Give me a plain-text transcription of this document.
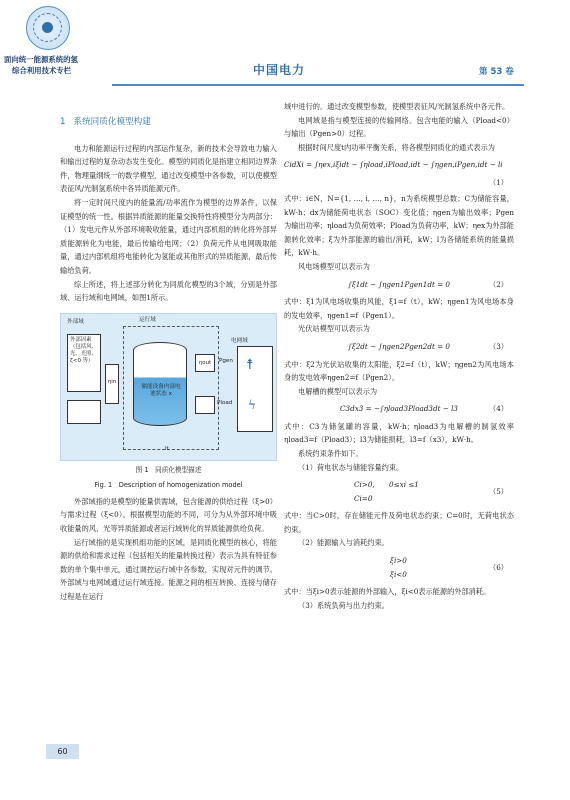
面向统一能源系统的氢
综合利用技术专栏	中国电力	第 53 卷
1 系统同质化模型构建

电力和能源运行过程的内部运作复杂，新的技术会导致电力输入和输出过程的复杂动态发生变化。模型的同质化是指建立相同边界条件，物理量纲统一的数学模型，通过改变模型中各参数，可以使模型表征风/光制氢系统中各异质能源元件。

将一定时间尺度内的能量流/功率流作为模型的边界条件，以保证模型的统一性。根据异质能源的能量交换特性将模型分为两部分：（1）发电元件从外部环境吸收能量，通过内部机组的转化将外部异质能源转化为电能，最后传输给电网；（2）负荷元件从电网吸取能量，通过内部机组将电能转化为氢能或其他形式的异质能源，最后传输给负荷。

综上所述，将上述部分转化为同质化模型的3个域，分别是外部域、运行域和电网域，如图1所示。

外部域	运行域
电网域
外部因素（包括风、光、光照、ζ<0 等）
ηin
储能设备内部电池状态 x
ηout	Pgen
Pload
☨
ϟ
lt
图 1　同质化模型描述
Fig. 1　Description of homogenization model

外部域指的是模型的能量供需域，包含能源的供给过程（ξ>0）与需求过程（ξ<0）。根据模型功能的不同，可分为从外部环境中吸收能量的风、光等异质能源或者运行域转化的异质能源供给负荷。

运行域指的是实现机组功能的区域，是同质化模型的核心，将能源的供给和需求过程（包括相关的能量转换过程）表示为具有特征参数的单个集中单元，通过调控运行域中各参数，实现对元件的调节。外部域与电网域通过运行域连接。能源之间的相互转换、连接与储存过程是在运行

域中进行的。通过改变模型参数，使模型表征风/光制氢系统中各元件。

电网域是指与模型连接的传输网络。包含电能的输入（Pload<0）与输出（Pgen>0）过程。

根据时间尺度t内功率平衡关系，将各模型同质化的通式表示为

CidXi = ∫ηex,iξidt − ∫ηload,iPload,idt − ∫ηgen,iPgen,idt − li
（1）

式中：i∈N，N={1, …, i, …, n}，n为系统模型总数；C为储能容量，kW·h；dx为储能荷电状态（SOC）变化值；ηgen为输出效率；Pgen为输出功率；ηload为负荷效率；Pload为负荷功率，kW；ηex为外部能源转化效率；ξ为外部能源的输出/消耗，kW；l为各储能系统的能量损耗，kW·h。

风电场模型可以表示为

∫ξ1dt − ∫ηgen1Pgen1dt = 0	（2）

式中：ξ1为风电场收集的风能，ξ1=f（t），kW；ηgen1为风电场本身的发电效率，ηgen1=f（Pgen1）。

光伏站模型可以表示为

∫ξ2dt − ∫ηgen2Pgen2dt = 0	（3）

式中：ξ2为光伏站收集的太阳能，ξ2=f（t），kW；ηgen2为风电场本身的发电效率ηgen2=f（Pgen2）。

电解槽的模型可以表示为

C3dx3 = −∫ηload3Pload3dt − l3	（4）

式中：C3为储氢罐的容量，kW·h；ηload3为电解槽的制氢效率ηload3=f（Pload3）；l3为储能损耗，l3=f（x3），kW·h。

系统约束条件如下。

（1）荷电状态与储能容量约束。

Ci>0,　　0≤xi ≤1
Ci=0
（5）

式中：当C>0时，存在储能元件及荷电状态约束；C=0时，无荷电状态约束。

（2）能源输入与消耗约束。

ξi>0
ξi<0
（6）

式中：当ξi>0表示能源的外部输入，ξi<0表示能源的外部消耗。

（3）系统负荷与出力约束。

60
